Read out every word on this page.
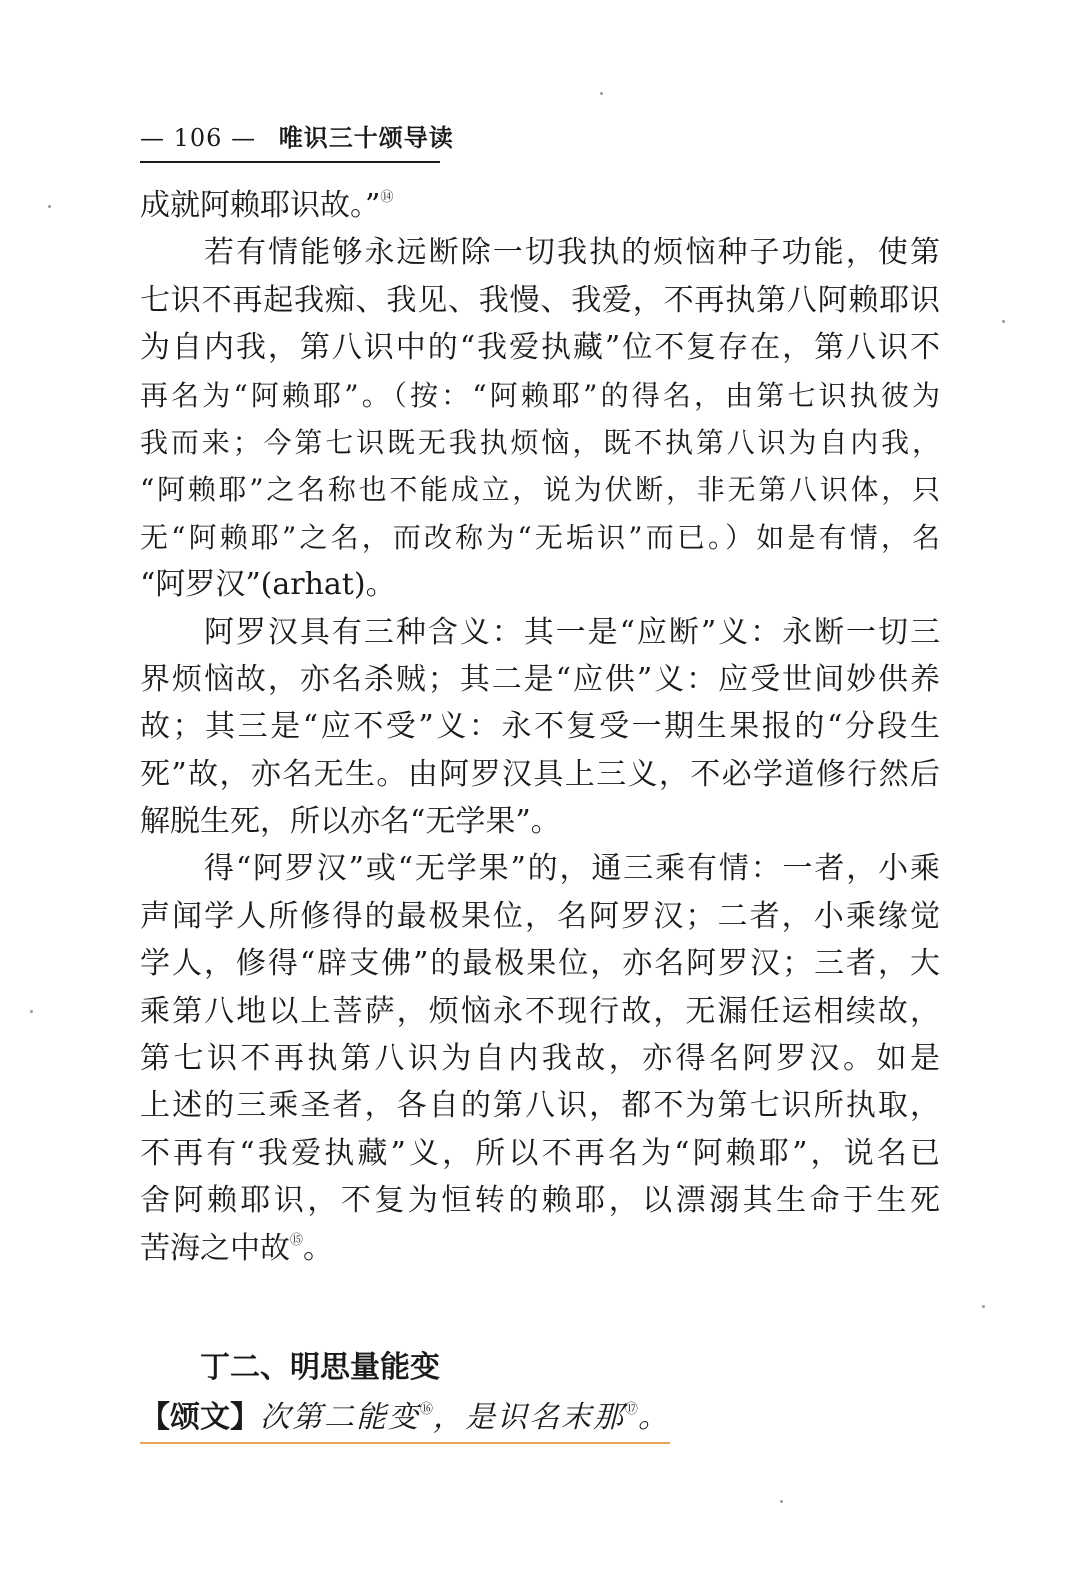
— 106 — 唯识三十颂导读
成就阿赖耶识故。”⑭
若有情能够永远断除一切我执的烦恼种子功能，使第
七识不再起我痴、我见、我慢、我爱，不再执第八阿赖耶识
为自内我，第八识中的“我爱执藏”位不复存在，第八识不
再名为“阿赖耶”。（按：“阿赖耶”的得名，由第七识执彼为
我而来；今第七识既无我执烦恼，既不执第八识为自内我，
“阿赖耶”之名称也不能成立，说为伏断，非无第八识体，只
无“阿赖耶”之名，而改称为“无垢识”而已。）如是有情，名
“阿罗汉”(arhat)。
阿罗汉具有三种含义：其一是“应断”义：永断一切三
界烦恼故，亦名杀贼；其二是“应供”义：应受世间妙供养
故；其三是“应不受”义：永不复受一期生果报的“分段生
死”故，亦名无生。由阿罗汉具上三义，不必学道修行然后
解脱生死，所以亦名“无学果”。
得“阿罗汉”或“无学果”的，通三乘有情：一者，小乘
声闻学人所修得的最极果位，名阿罗汉；二者，小乘缘觉
学人，修得“辟支佛”的最极果位，亦名阿罗汉；三者，大
乘第八地以上菩萨，烦恼永不现行故，无漏任运相续故，
第七识不再执第八识为自内我故，亦得名阿罗汉。如是
上述的三乘圣者，各自的第八识，都不为第七识所执取，
不再有“我爱执藏”义，所以不再名为“阿赖耶”，说名已
舍阿赖耶识，不复为恒转的赖耶，以漂溺其生命于生死
苦海之中故⑮。
丁二、明思量能变
【颂文】次第二能变⑯，是识名末那⑰。
